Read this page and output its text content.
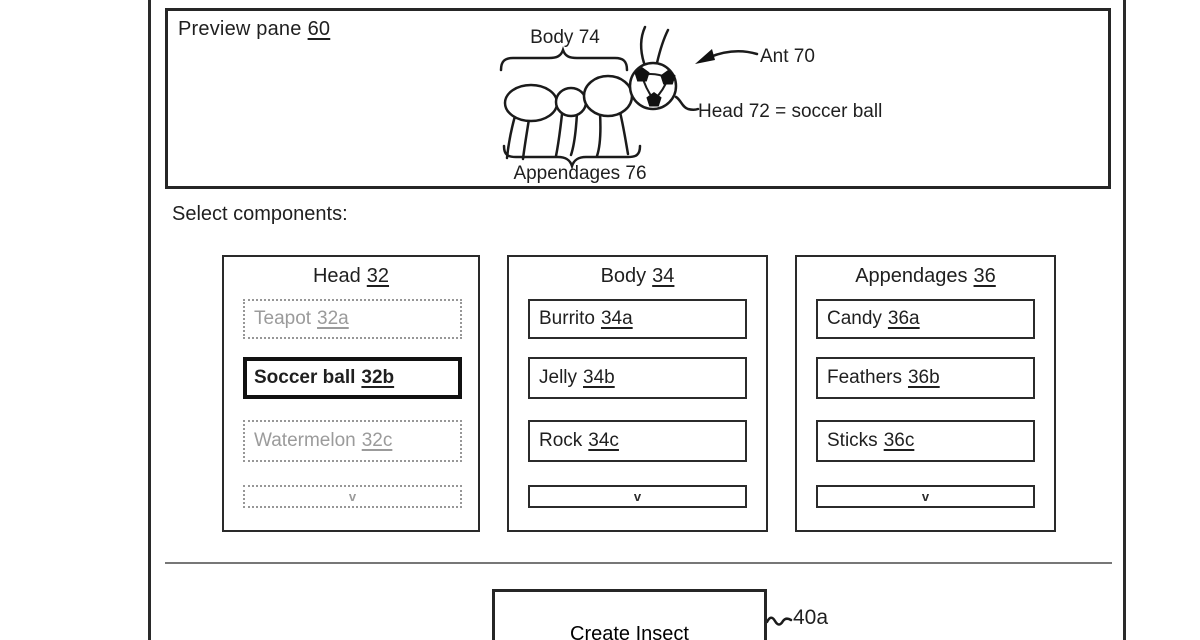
Preview pane 60	Body 74
Ant 70
Head 72 = soccer ball
Appendages 76
Select components:
Head 32
Teapot 32a
Soccer ball 32b
Watermelon 32c
v
Body 34
Burrito 34a
Jelly 34b
Rock 34c
v
Appendages 36
Candy 36a
Feathers 36b
Sticks 36c
v
Create Insect
40a
